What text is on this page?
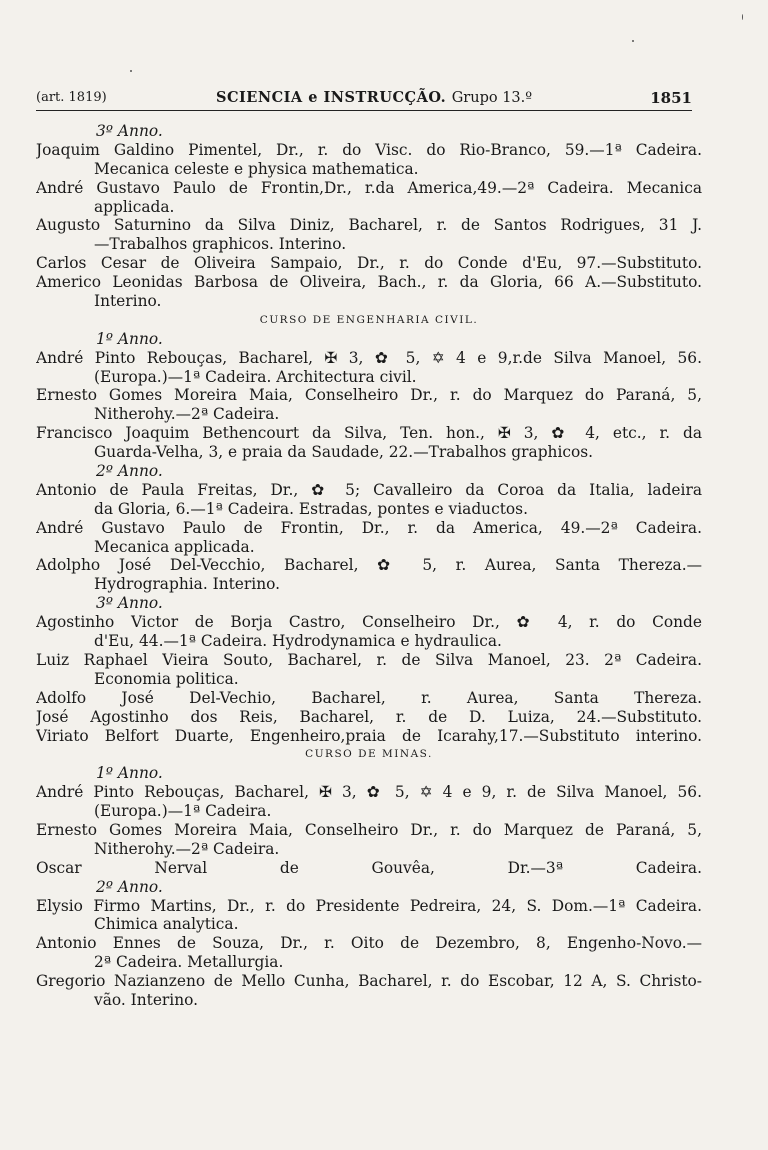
(art. 1819)	SCIENCIA e INSTRUCÇÃO. Grupo 13.º	1851
3º Anno.
Joaquim Galdino Pimentel, Dr., r. do Visc. do Rio-Branco, 59.—1ª Cadeira.
Mecanica celeste e physica mathematica.
André Gustavo Paulo de Frontin,Dr., r.da America,49.—2ª Cadeira. Mecanica
applicada.
Augusto Saturnino da Silva Diniz, Bacharel, r. de Santos Rodrigues, 31 J.
—Trabalhos graphicos. Interino.
Carlos Cesar de Oliveira Sampaio, Dr., r. do Conde d'Eu, 97.—Substituto.
Americo Leonidas Barbosa de Oliveira, Bach., r. da Gloria, 66 A.—Substituto.
Interino.
CURSO DE ENGENHARIA CIVIL.
1º Anno.
André Pinto Rebouças, Bacharel, ✠ 3, ✿ 5, ✡ 4 e 9,r.de Silva Manoel, 56.
(Europa.)—1ª Cadeira. Architectura civil.
Ernesto Gomes Moreira Maia, Conselheiro Dr., r. do Marquez do Paraná, 5,
Nitherohy.—2ª Cadeira.
Francisco Joaquim Bethencourt da Silva, Ten. hon., ✠ 3, ✿ 4, etc., r. da
Guarda-Velha, 3, e praia da Saudade, 22.—Trabalhos graphicos.
2º Anno.
Antonio de Paula Freitas, Dr., ✿ 5; Cavalleiro da Coroa da Italia, ladeira
da Gloria, 6.—1ª Cadeira. Estradas, pontes e viaductos.
André Gustavo Paulo de Frontin, Dr., r. da America, 49.—2ª Cadeira.
Mecanica applicada.
Adolpho José Del-Vecchio, Bacharel, ✿ 5, r. Aurea, Santa Thereza.—
Hydrographia. Interino.
3º Anno.
Agostinho Victor de Borja Castro, Conselheiro Dr., ✿ 4, r. do Conde
d'Eu, 44.—1ª Cadeira. Hydrodynamica e hydraulica.
Luiz Raphael Vieira Souto, Bacharel, r. de Silva Manoel, 23. 2ª Cadeira.
Economia politica.
Adolfo José Del-Vechio, Bacharel, r. Aurea, Santa Thereza.
José Agostinho dos Reis, Bacharel, r. de D. Luiza, 24.—Substituto.
Viriato Belfort Duarte, Engenheiro,praia de Icarahy,17.—Substituto interino.
CURSO DE MINAS.
1º Anno.
André Pinto Rebouças, Bacharel, ✠ 3, ✿ 5, ✡ 4 e 9, r. de Silva Manoel, 56.
(Europa.)—1ª Cadeira.
Ernesto Gomes Moreira Maia, Conselheiro Dr., r. do Marquez de Paraná, 5,
Nitherohy.—2ª Cadeira.
Oscar Nerval de Gouvêa, Dr.—3ª Cadeira.
2º Anno.
Elysio Firmo Martins, Dr., r. do Presidente Pedreira, 24, S. Dom.—1ª Cadeira.
Chimica analytica.
Antonio Ennes de Souza, Dr., r. Oito de Dezembro, 8, Engenho-Novo.—
2ª Cadeira. Metallurgia.
Gregorio Nazianzeno de Mello Cunha, Bacharel, r. do Escobar, 12 A, S. Christo-
vão. Interino.
